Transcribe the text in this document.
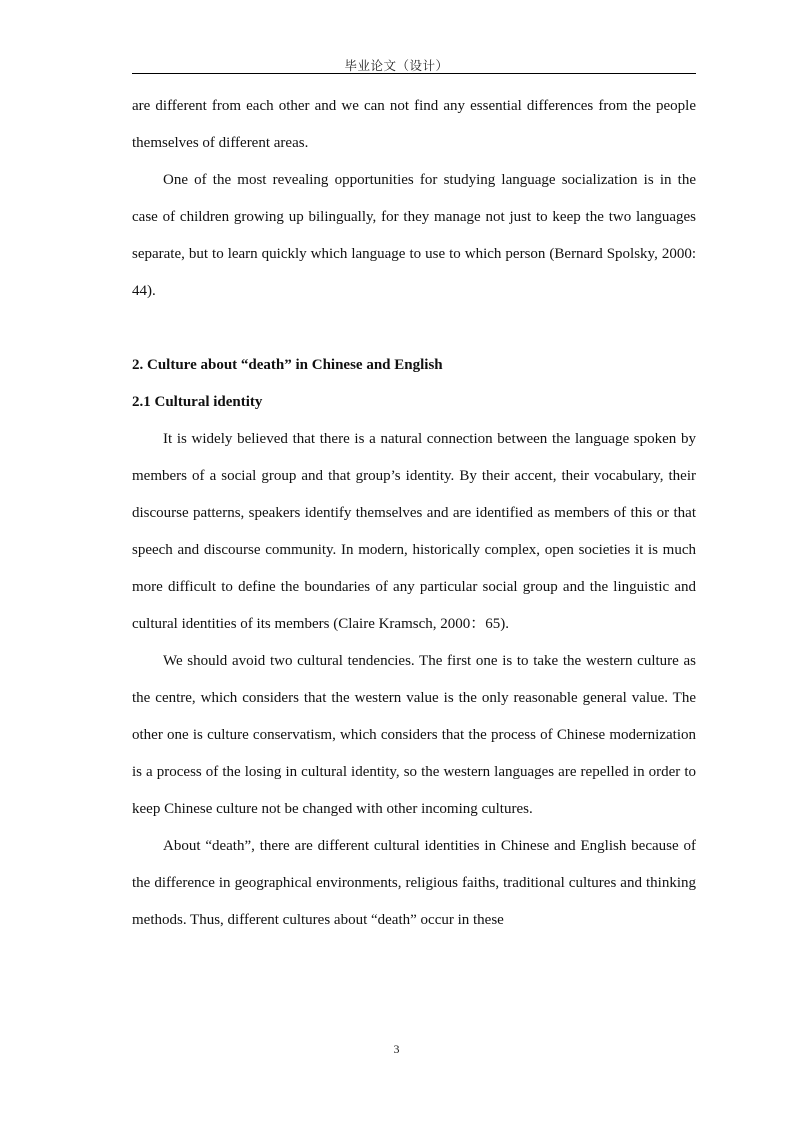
毕业论文（设计）

are different from each other and we can not find any essential differences from the people themselves of different areas.

One of the most revealing opportunities for studying language socialization is in the case of children growing up bilingually, for they manage not just to keep the two languages separate, but to learn quickly which language to use to which person (Bernard Spolsky, 2000: 44).

2. Culture about “death” in Chinese and English

2.1 Cultural identity

It is widely believed that there is a natural connection between the language spoken by members of a social group and that group’s identity. By their accent, their vocabulary, their discourse patterns, speakers identify themselves and are identified as members of this or that speech and discourse community. In modern, historically complex, open societies it is much more difficult to define the boundaries of any particular social group and the linguistic and cultural identities of its members (Claire Kramsch, 2000：65).

We should avoid two cultural tendencies. The first one is to take the western culture as the centre, which considers that the western value is the only reasonable general value. The other one is culture conservatism, which considers that the process of Chinese modernization is a process of the losing in cultural identity, so the western languages are repelled in order to keep Chinese culture not be changed with other incoming cultures.

About “death”, there are different cultural identities in Chinese and English because of the difference in geographical environments, religious faiths, traditional cultures and thinking methods. Thus, different cultures about “death” occur in these

3
